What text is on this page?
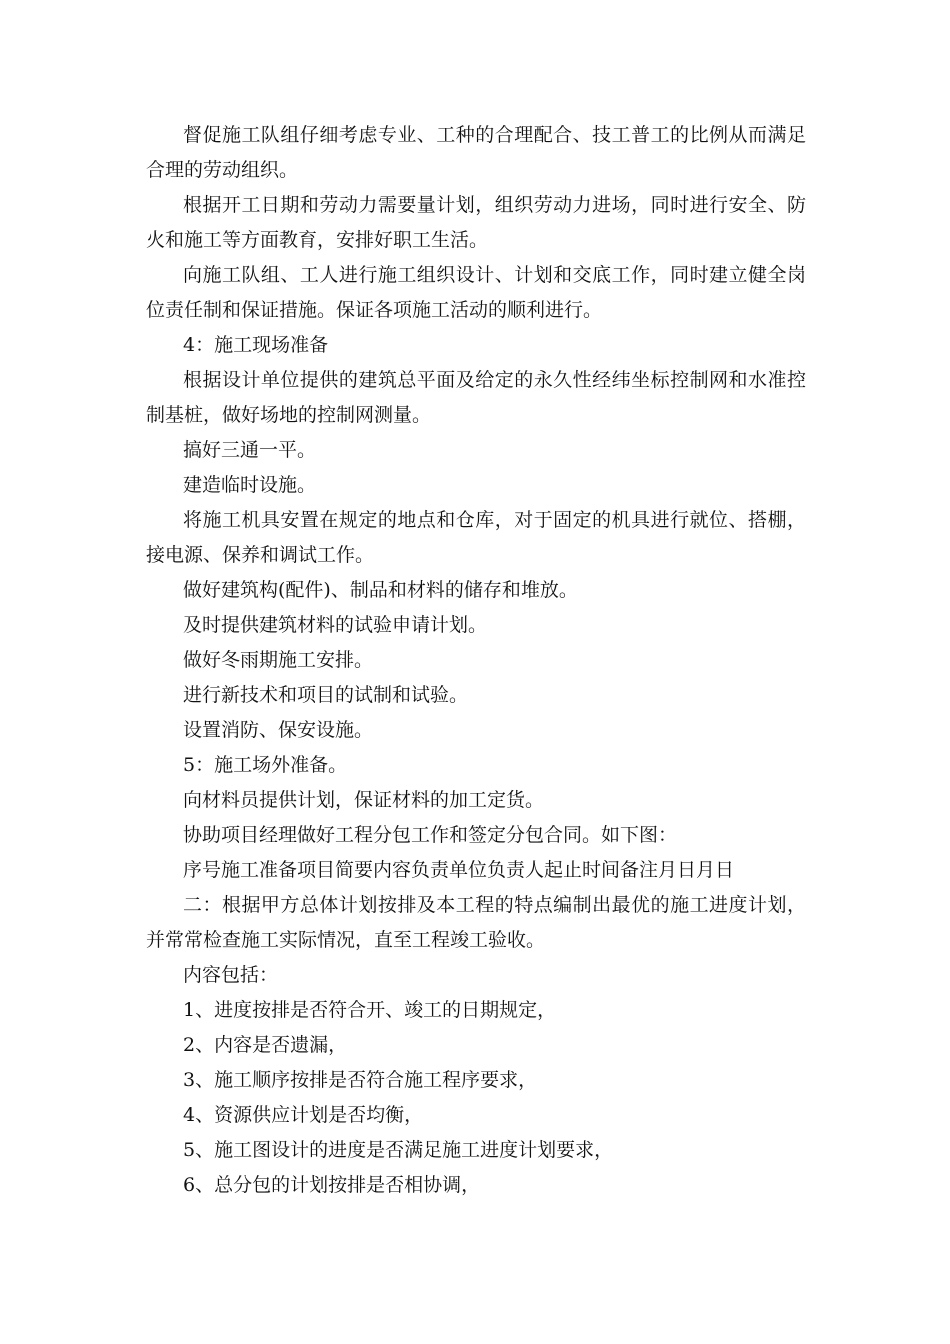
督促施工队组仔细考虑专业、工种的合理配合、技工普工的比例从而满足合理的劳动组织。

根据开工日期和劳动力需要量计划，组织劳动力进场，同时进行安全、防火和施工等方面教育，安排好职工生活。

向施工队组、工人进行施工组织设计、计划和交底工作，同时建立健全岗位责任制和保证措施。保证各项施工活动的顺利进行。

4：施工现场准备

根据设计单位提供的建筑总平面及给定的永久性经纬坐标控制网和水准控制基桩，做好场地的控制网测量。

搞好三通一平。

建造临时设施。

将施工机具安置在规定的地点和仓库，对于固定的机具进行就位、搭棚，接电源、保养和调试工作。

做好建筑构(配件)、制品和材料的储存和堆放。

及时提供建筑材料的试验申请计划。

做好冬雨期施工安排。

进行新技术和项目的试制和试验。

设置消防、保安设施。

5：施工场外准备。

向材料员提供计划，保证材料的加工定货。

协助项目经理做好工程分包工作和签定分包合同。如下图：

序号施工准备项目简要内容负责单位负责人起止时间备注月日月日

二：根据甲方总体计划按排及本工程的特点编制出最优的施工进度计划，并常常检查施工实际情况，直至工程竣工验收。

内容包括：

1、进度按排是否符合开、竣工的日期规定，

2、内容是否遗漏，

3、施工顺序按排是否符合施工程序要求，

4、资源供应计划是否均衡，

5、施工图设计的进度是否满足施工进度计划要求，

6、总分包的计划按排是否相协调，
